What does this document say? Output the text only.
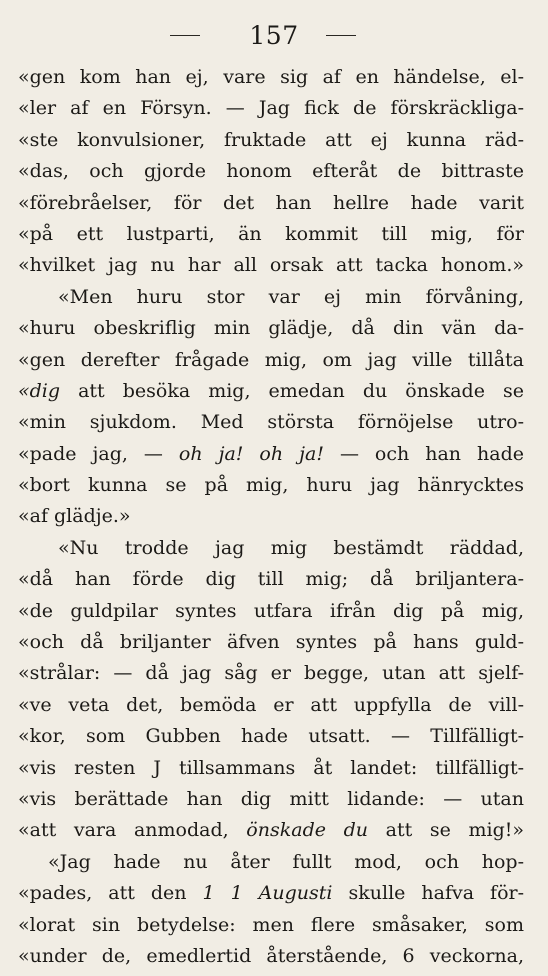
157
«gen kom han ej, vare sig af en händelse, el-
«ler af en Försyn. — Jag fick de förskräckliga-
«ste konvulsioner, fruktade att ej kunna räd-
«das, och gjorde honom efteråt de bittraste
«förebråelser, för det han hellre hade varit
«på ett lustparti, än kommit till mig, för
«hvilket jag nu har all orsak att tacka honom.»
«Men huru stor var ej min förvåning,
«huru obeskriflig min glädje, då din vän da-
«gen derefter frågade mig, om jag ville tillåta
«dig att besöka mig, emedan du önskade se
«min sjukdom. Med största förnöjelse utro-
«pade jag, — oh ja! oh ja! — och han hade
«bort kunna se på mig, huru jag hänrycktes
«af glädje.»
«Nu trodde jag mig bestämdt räddad,
«då han förde dig till mig; då briljantera-
«de guldpilar syntes utfara ifrån dig på mig,
«och då briljanter äfven syntes på hans guld-
«strålar: — då jag såg er begge, utan att sjelf-
«ve veta det, bemöda er att uppfylla de vill-
«kor, som Gubben hade utsatt. — Tillfälligt-
«vis resten J tillsammans åt landet: tillfälligt-
«vis berättade han dig mitt lidande: — utan
«att vara anmodad, önskade du att se mig!»
«Jag hade nu åter fullt mod, och hop-
«pades, att den 1 1 Augusti skulle hafva för-
«lorat sin betydelse: men flere småsaker, som
«under de, emedlertid återstående, 6 veckorna,
